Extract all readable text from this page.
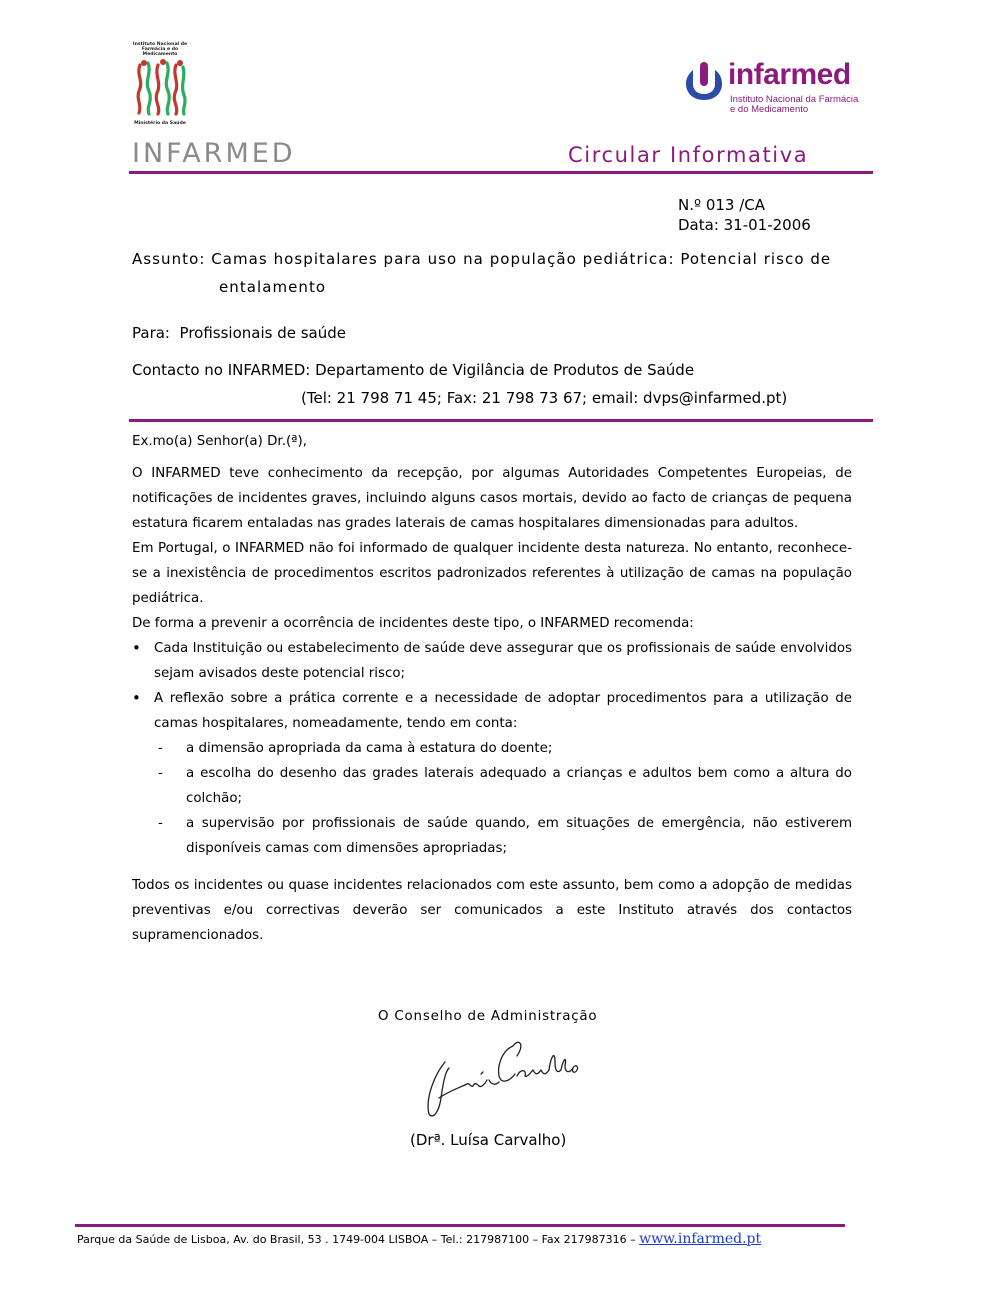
Instituto Nacional de Farmácia e do Medicamento
Ministério da Saúde
infarmed
Instituto Nacional da Farmácia
e do Medicamento
INFARMED	Circular Informativa
N.º 013 /CA
Data: 31-01-2006
Assunto: Camas hospitalares para uso na população pediátrica: Potencial risco de
entalamento
Para: Profissionais de saúde
Contacto no INFARMED: Departamento de Vigilância de Produtos de Saúde
(Tel: 21 798 71 45; Fax: 21 798 73 67; email: dvps@infarmed.pt)
Ex.mo(a) Senhor(a) Dr.(ª),

O INFARMED teve conhecimento da recepção, por algumas Autoridades Competentes Europeias, de notificações de incidentes graves, incluindo alguns casos mortais, devido ao facto de crianças de pequena estatura ficarem entaladas nas grades laterais de camas hospitalares dimensionadas para adultos.

Em Portugal, o INFARMED não foi informado de qualquer incidente desta natureza. No entanto, reconhece-se a inexistência de procedimentos escritos padronizados referentes à utilização de camas na população pediátrica.

De forma a prevenir a ocorrência de incidentes deste tipo, o INFARMED recomenda:

• Cada Instituição ou estabelecimento de saúde deve assegurar que os profissionais de saúde envolvidos sejam avisados deste potencial risco;
• A reflexão sobre a prática corrente e a necessidade de adoptar procedimentos para a utilização de camas hospitalares, nomeadamente, tendo em conta:
- a dimensão apropriada da cama à estatura do doente;
- a escolha do desenho das grades laterais adequado a crianças e adultos bem como a altura do colchão;
- a supervisão por profissionais de saúde quando, em situações de emergência, não estiverem disponíveis camas com dimensões apropriadas;

Todos os incidentes ou quase incidentes relacionados com este assunto, bem como a adopção de medidas preventivas e/ou correctivas deverão ser comunicados a este Instituto através dos contactos supramencionados.

O Conselho de Administração
(Drª. Luísa Carvalho)
Parque da Saúde de Lisboa, Av. do Brasil, 53 . 1749-004 LISBOA – Tel.: 217987100 – Fax 217987316 – www.infarmed.pt
